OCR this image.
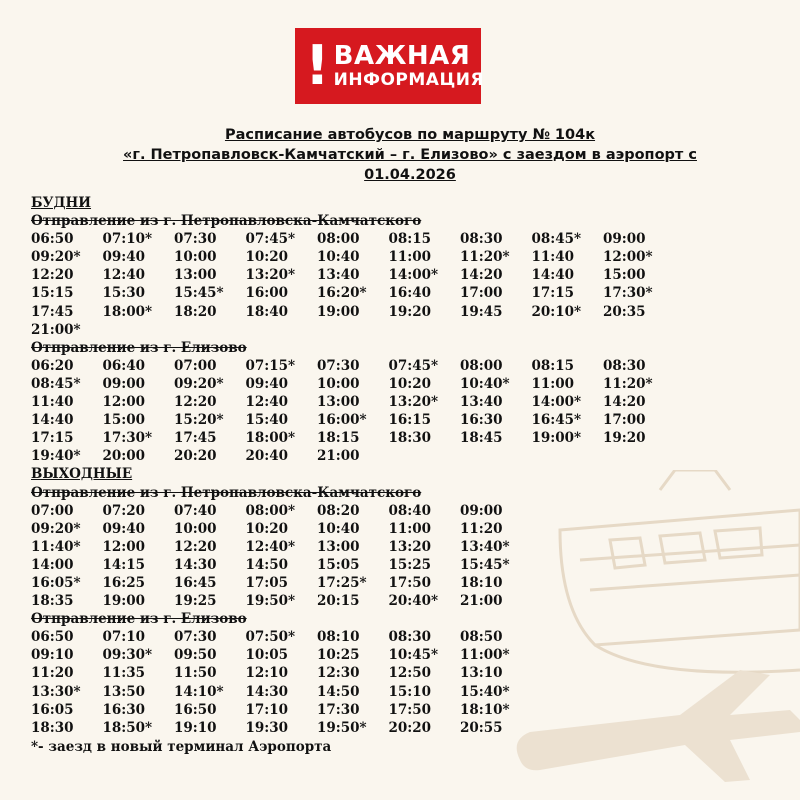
! ВАЖНАЯ
ИНФОРМАЦИЯ
Расписание автобусов по маршруту № 104к
«г. Петропавловск-Камчатский – г. Елизово» с заездом в аэропорт с
01.04.2026
БУДНИ
Отправление из г. Петропавловска-Камчатского
06:50 07:10* 07:30 07:45* 08:00 08:15 08:30 08:45* 09:00
09:20* 09:40 10:00 10:20 10:40 11:00 11:20* 11:40 12:00*
12:20 12:40 13:00 13:20* 13:40 14:00* 14:20 14:40 15:00
15:15 15:30 15:45* 16:00 16:20* 16:40 17:00 17:15 17:30*
17:45 18:00* 18:20 18:40 19:00 19:20 19:45 20:10* 20:35
21:00*
Отправление из г. Елизово
06:20 06:40 07:00 07:15* 07:30 07:45* 08:00 08:15 08:30
08:45* 09:00 09:20* 09:40 10:00 10:20 10:40* 11:00 11:20*
11:40 12:00 12:20 12:40 13:00 13:20* 13:40 14:00* 14:20
14:40 15:00 15:20* 15:40 16:00* 16:15 16:30 16:45* 17:00
17:15 17:30* 17:45 18:00* 18:15 18:30 18:45 19:00* 19:20
19:40* 20:00 20:20 20:40 21:00
ВЫХОДНЫЕ
Отправление из г. Петропавловска-Камчатского
07:00 07:20 07:40 08:00* 08:20 08:40 09:00
09:20* 09:40 10:00 10:20 10:40 11:00 11:20
11:40* 12:00 12:20 12:40* 13:00 13:20 13:40*
14:00 14:15 14:30 14:50 15:05 15:25 15:45*
16:05* 16:25 16:45 17:05 17:25* 17:50 18:10
18:35 19:00 19:25 19:50* 20:15 20:40* 21:00
Отправление из г. Елизово
06:50 07:10 07:30 07:50* 08:10 08:30 08:50
09:10 09:30* 09:50 10:05 10:25 10:45* 11:00*
11:20 11:35 11:50 12:10 12:30 12:50 13:10
13:30* 13:50 14:10* 14:30 14:50 15:10 15:40*
16:05 16:30 16:50 17:10 17:30 17:50 18:10*
18:30 18:50* 19:10 19:30 19:50* 20:20 20:55
*- заезд в новый терминал Аэропорта
